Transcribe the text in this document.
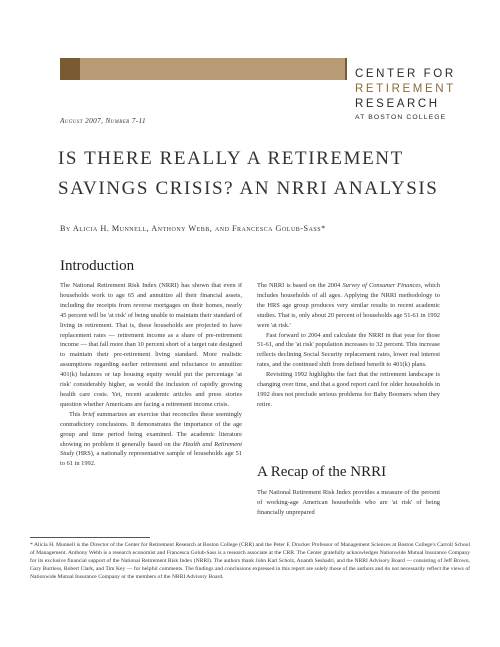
CENTER FOR
RETIREMENT
RESEARCH
AT BOSTON COLLEGE
August 2007, Number 7-11
IS THERE REALLY A RETIREMENT
SAVINGS CRISIS? AN NRRI ANALYSIS
By Alicia H. Munnell, Anthony Webb, and Francesca Golub-Sass*
Introduction

The National Retirement Risk Index (NRRI) has shown that even if households work to age 65 and annuitize all their financial assets, including the receipts from reverse mortgages on their homes, nearly 45 percent will be 'at risk' of being unable to maintain their standard of living in retirement. That is, these households are projected to have replacement rates — retirement income as a share of pre-retirement income — that fall more than 10 percent short of a target rate designed to maintain their pre-retirement living standard. More realistic assumptions regarding earlier retirement and reluctance to annuitize 401(k) balances or tap housing equity would put the percentage 'at risk' considerably higher, as would the inclusion of rapidly growing health care costs. Yet, recent academic articles and press stories question whether Americans are facing a retirement income crisis.

This brief summarizes an exercise that reconciles these seemingly contradictory conclusions. It demonstrates the importance of the age group and time period being examined. The academic literature showing no problem it generally based on the Health and Retirement Study (HRS), a nationally representative sample of households age 51 to 61 in 1992.

The NRRI is based on the 2004 Survey of Consumer Finances, which includes households of all ages. Applying the NRRI methodology to the HRS age group produces very similar results to recent academic studies. That is, only about 20 percent of households age 51-61 in 1992 were 'at risk.'

Fast forward to 2004 and calculate the NRRI in that year for those 51-61, and the 'at risk' population increases to 32 percent. This increase reflects declining Social Security replacement rates, lower real interest rates, and the continued shift from defined benefit to 401(k) plans.

Revisiting 1992 highlights the fact that the retirement landscape is changing over time, and that a good report card for older households in 1992 does not preclude serious problems for Baby Boomers when they retire.

A Recap of the NRRI

The National Retirement Risk Index provides a measure of the percent of working-age American households who are 'at risk' of being financially unprepared

* Alicia H. Munnell is the Director of the Center for Retirement Research at Boston College (CRR) and the Peter F. Drucker Professor of Management Sciences at Boston College's Carroll School of Management. Anthony Webb is a research economist and Francesca Golub-Sass is a research associate at the CRR. The Center gratefully acknowledges Nationwide Mutual Insurance Company for its exclusive financial support of the National Retirement Risk Index (NRRI). The authors thank John Karl Scholz, Ananth Seshadri, and the NRRI Advisory Board — consisting of Jeff Brown, Gary Burtless, Robert Clark, and Tim Key — for helpful comments. The findings and conclusions expressed in this report are solely those of the authors and do not necessarily reflect the views of Nationwide Mutual Insurance Company or the members of the NRRI Advisory Board.
